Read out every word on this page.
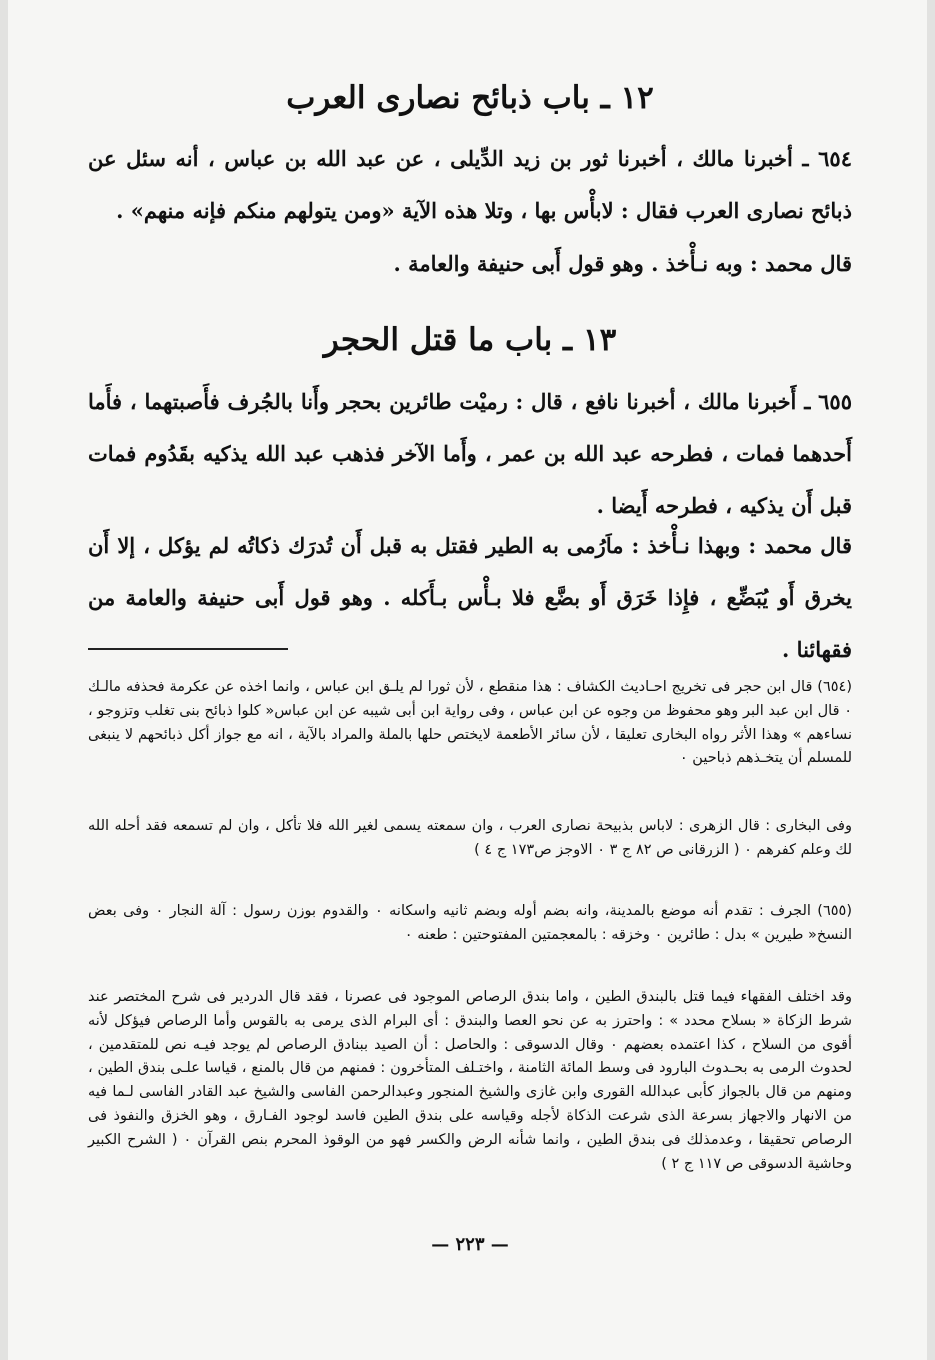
١٢ ـ باب ذبائح نصارى العرب
٦٥٤ ـ أخبرنا مالك ، أخبرنا ثور بن زيد الدِّيلى ، عن عبد الله بن عباس ، أنه سئل عن ذبائح نصارى العرب فقال : لابأْس بها ، وتلا هذه الآية «ومن يتولهم منكم فإنه منهم» .
قال محمد : وبه نـأْخذ . وهو قول أَبى حنيفة والعامة .
١٣ ـ باب ما قتل الحجر
٦٥٥ ـ أَخبرنا مالك ، أخبرنا نافع ، قال : رميْت طائرين بحجر وأَنا بالجُرف فأَصبتهما ، فأَما أَحدهما فمات ، فطرحه عبد الله بن عمر ، وأَما الآخر فذهب عبد الله يذكيه بقَدُوم فمات قبل أَن يذكيه ، فطرحه أَيضا .
قال محمد : وبهذا نـأْخذ : ماَرُمى به الطير فقتل به قبل أَن تُدرَك ذكاتُه لم يؤكل ، إلا أَن يخرق أَو يُبَضِّع ، فإِذا خَرَق أَو بضَّع فلا بـأْس بـأَكله . وهو قول أَبى حنيفة والعامة من فقهائنا .
(٦٥٤) قال ابن حجر فى تخريج احـاديث الكشاف : هذا منقطع ، لأن ثورا لم يلـق ابن عباس ، وانما اخذه عن عكرمة فحذفه مالـك ٠ قال ابن عبد البر وهو محفوظ من وجوه عن ابن عباس ، وفى رواية ابن أبى شيبه عن ابن عباس« كلوا ذبائح بنى تغلب وتزوجو ، نساءهم » وهذا الأثر رواه البخارى تعليقا ، لأن سائر الأطعمة لايختص حلها بالملة والمراد بالآية ، انه مع جواز أكل ذبائحهم لا ينبغى للمسلم أن يتخـذهم ذباحين ٠
وفى البخارى : قال الزهرى : لاباس بذبيحة نصارى العرب ، وان سمعته يسمى لغير الله فلا تأكل ، وان لم تسمعه فقد أحله الله لك وعلم كفرهم ٠ ( الزرقانى ص ٨٢ ج ٣ ٠ الاوجز ص١٧٣ ج ٤ )
(٦٥٥) الجرف : تقدم أنه موضع بالمدينة، وانه بضم أوله وبضم ثانيه واسكانه ٠ والقدوم بوزن رسول : آلة النجار ٠ وفى بعض النسخ« طيرين » بدل : طائرين ٠ وخزقه : بالمعجمتين المفتوحتين : طعنه ٠
وقد اختلف الفقهاء فيما قتل بالبندق الطين ، واما بندق الرصاص الموجود فى عصرنا ، فقد قال الدردير فى شرح المختصر عند شرط الزكاة « بسلاح محدد » : واحترز به عن نحو العصا والبندق : أى البرام الذى يرمى به بالقوس وأما الرصاص فيؤكل لأنه أقوى من السلاح ، كذا اعتمده بعضهم ٠ وقال الدسوقى : والحاصل : أن الصيد ببنادق الرصاص لم يوجد فيـه نص للمتقدمين ، لحدوث الرمى به بحـدوث البارود فى وسط المائة الثامنة ، واختـلف المتأخرون : فمنهم من قال بالمنع ، قياسا علـى بندق الطين ، ومنهم من قال بالجواز كأبى عبدالله القورى وابن غازى والشيخ المنجور وعبدالرحمن الفاسى والشيخ عبد القادر الفاسى لـما فيه من الانهار والاجهاز بسرعة الذى شرعت الذكاة لأجله وقياسه على بندق الطين فاسد لوجود الفـارق ، وهو الخزق والنفوذ فى الرصاص تحقيقا ، وعدمذلك فى بندق الطين ، وانما شأنه الرض والكسر فهو من الوقوذ المحرم بنص القرآن ٠ ( الشرح الكبير وحاشية الدسوقى ص ١١٧ ج ٢ )
— ٢٢٣ —
